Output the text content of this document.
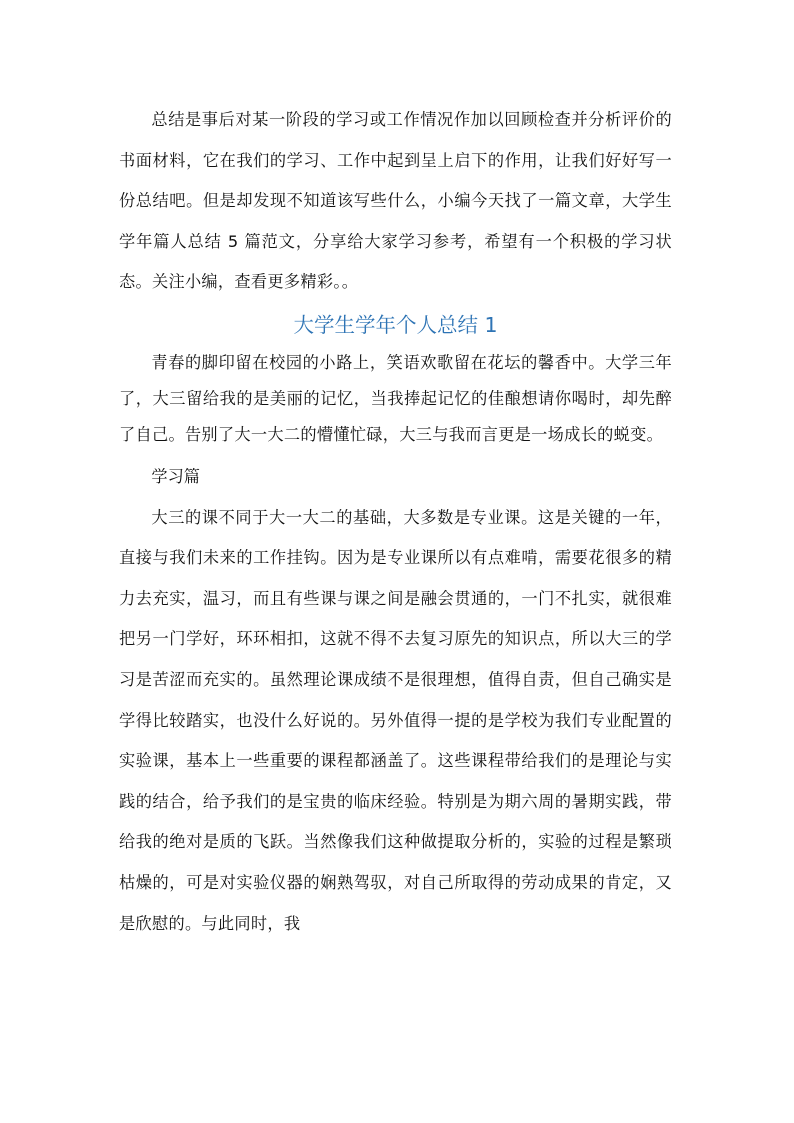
总结是事后对某一阶段的学习或工作情况作加以回顾检查并分析评价的书面材料，它在我们的学习、工作中起到呈上启下的作用，让我们好好写一份总结吧。但是却发现不知道该写些什么，小编今天找了一篇文章，大学生学年篇人总结 5 篇范文，分享给大家学习参考，希望有一个积极的学习状态。关注小编，查看更多精彩。。

大学生学年个人总结 1

青春的脚印留在校园的小路上，笑语欢歌留在花坛的馨香中。大学三年了，大三留给我的是美丽的记忆，当我捧起记忆的佳酿想请你喝时，却先醉了自己。告别了大一大二的懵懂忙碌，大三与我而言更是一场成长的蜕变。

学习篇

大三的课不同于大一大二的基础，大多数是专业课。这是关键的一年，直接与我们未来的工作挂钩。因为是专业课所以有点难啃，需要花很多的精力去充实，温习，而且有些课与课之间是融会贯通的，一门不扎实，就很难把另一门学好，环环相扣，这就不得不去复习原先的知识点，所以大三的学习是苦涩而充实的。虽然理论课成绩不是很理想，值得自责，但自己确实是学得比较踏实，也没什么好说的。另外值得一提的是学校为我们专业配置的实验课，基本上一些重要的课程都涵盖了。这些课程带给我们的是理论与实践的结合，给予我们的是宝贵的临床经验。特别是为期六周的暑期实践，带给我的绝对是质的飞跃。当然像我们这种做提取分析的，实验的过程是繁琐枯燥的，可是对实验仪器的娴熟驾驭，对自己所取得的劳动成果的肯定，又是欣慰的。与此同时，我
